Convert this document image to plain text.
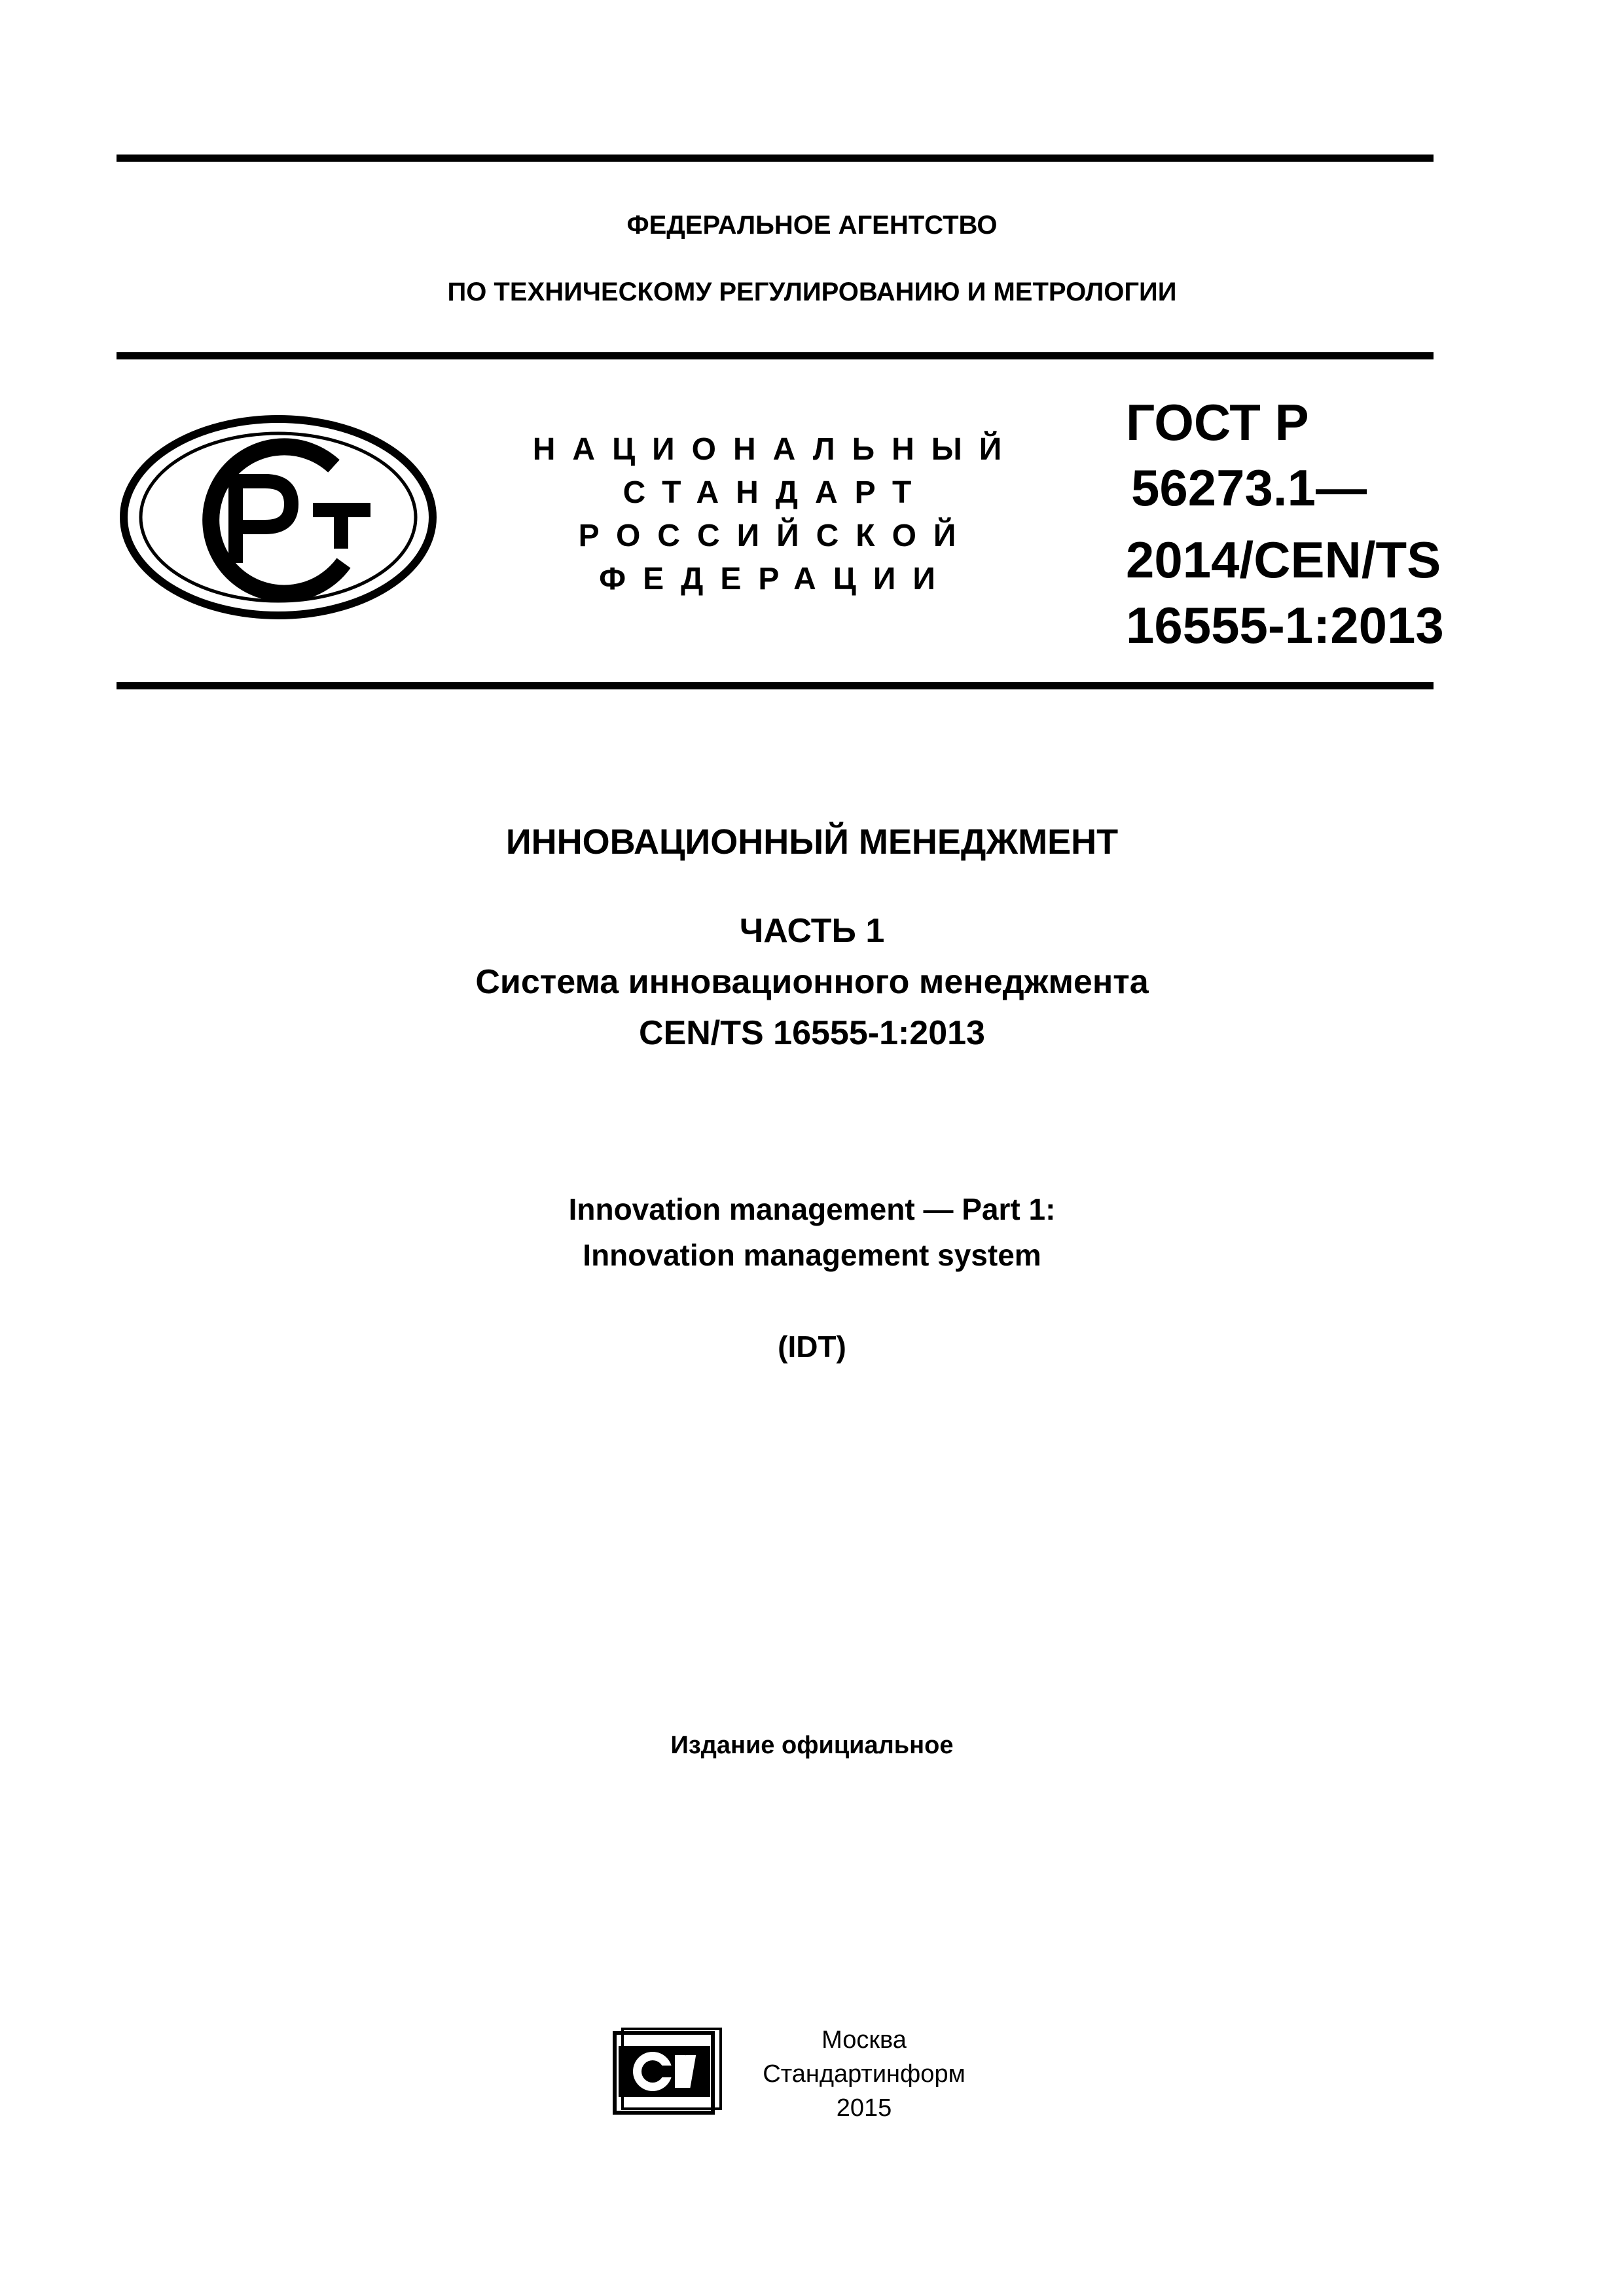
ФЕДЕРАЛЬНОЕ АГЕНТСТВО
ПО ТЕХНИЧЕСКОМУ РЕГУЛИРОВАНИЮ И МЕТРОЛОГИИ
НАЦИОНАЛЬНЫЙ
СТАНДАРТ
РОССИЙСКОЙ
ФЕДЕРАЦИИ
ГОСТ Р
56273.1—
2014/CEN/TS
16555-1:2013
ИННОВАЦИОННЫЙ МЕНЕДЖМЕНТ
ЧАСТЬ 1
Система инновационного менеджмента
CEN/TS 16555-1:2013
Innovation management — Part 1:
Innovation management system
(IDT)
Издание официальное
Москва
Стандартинформ
2015
